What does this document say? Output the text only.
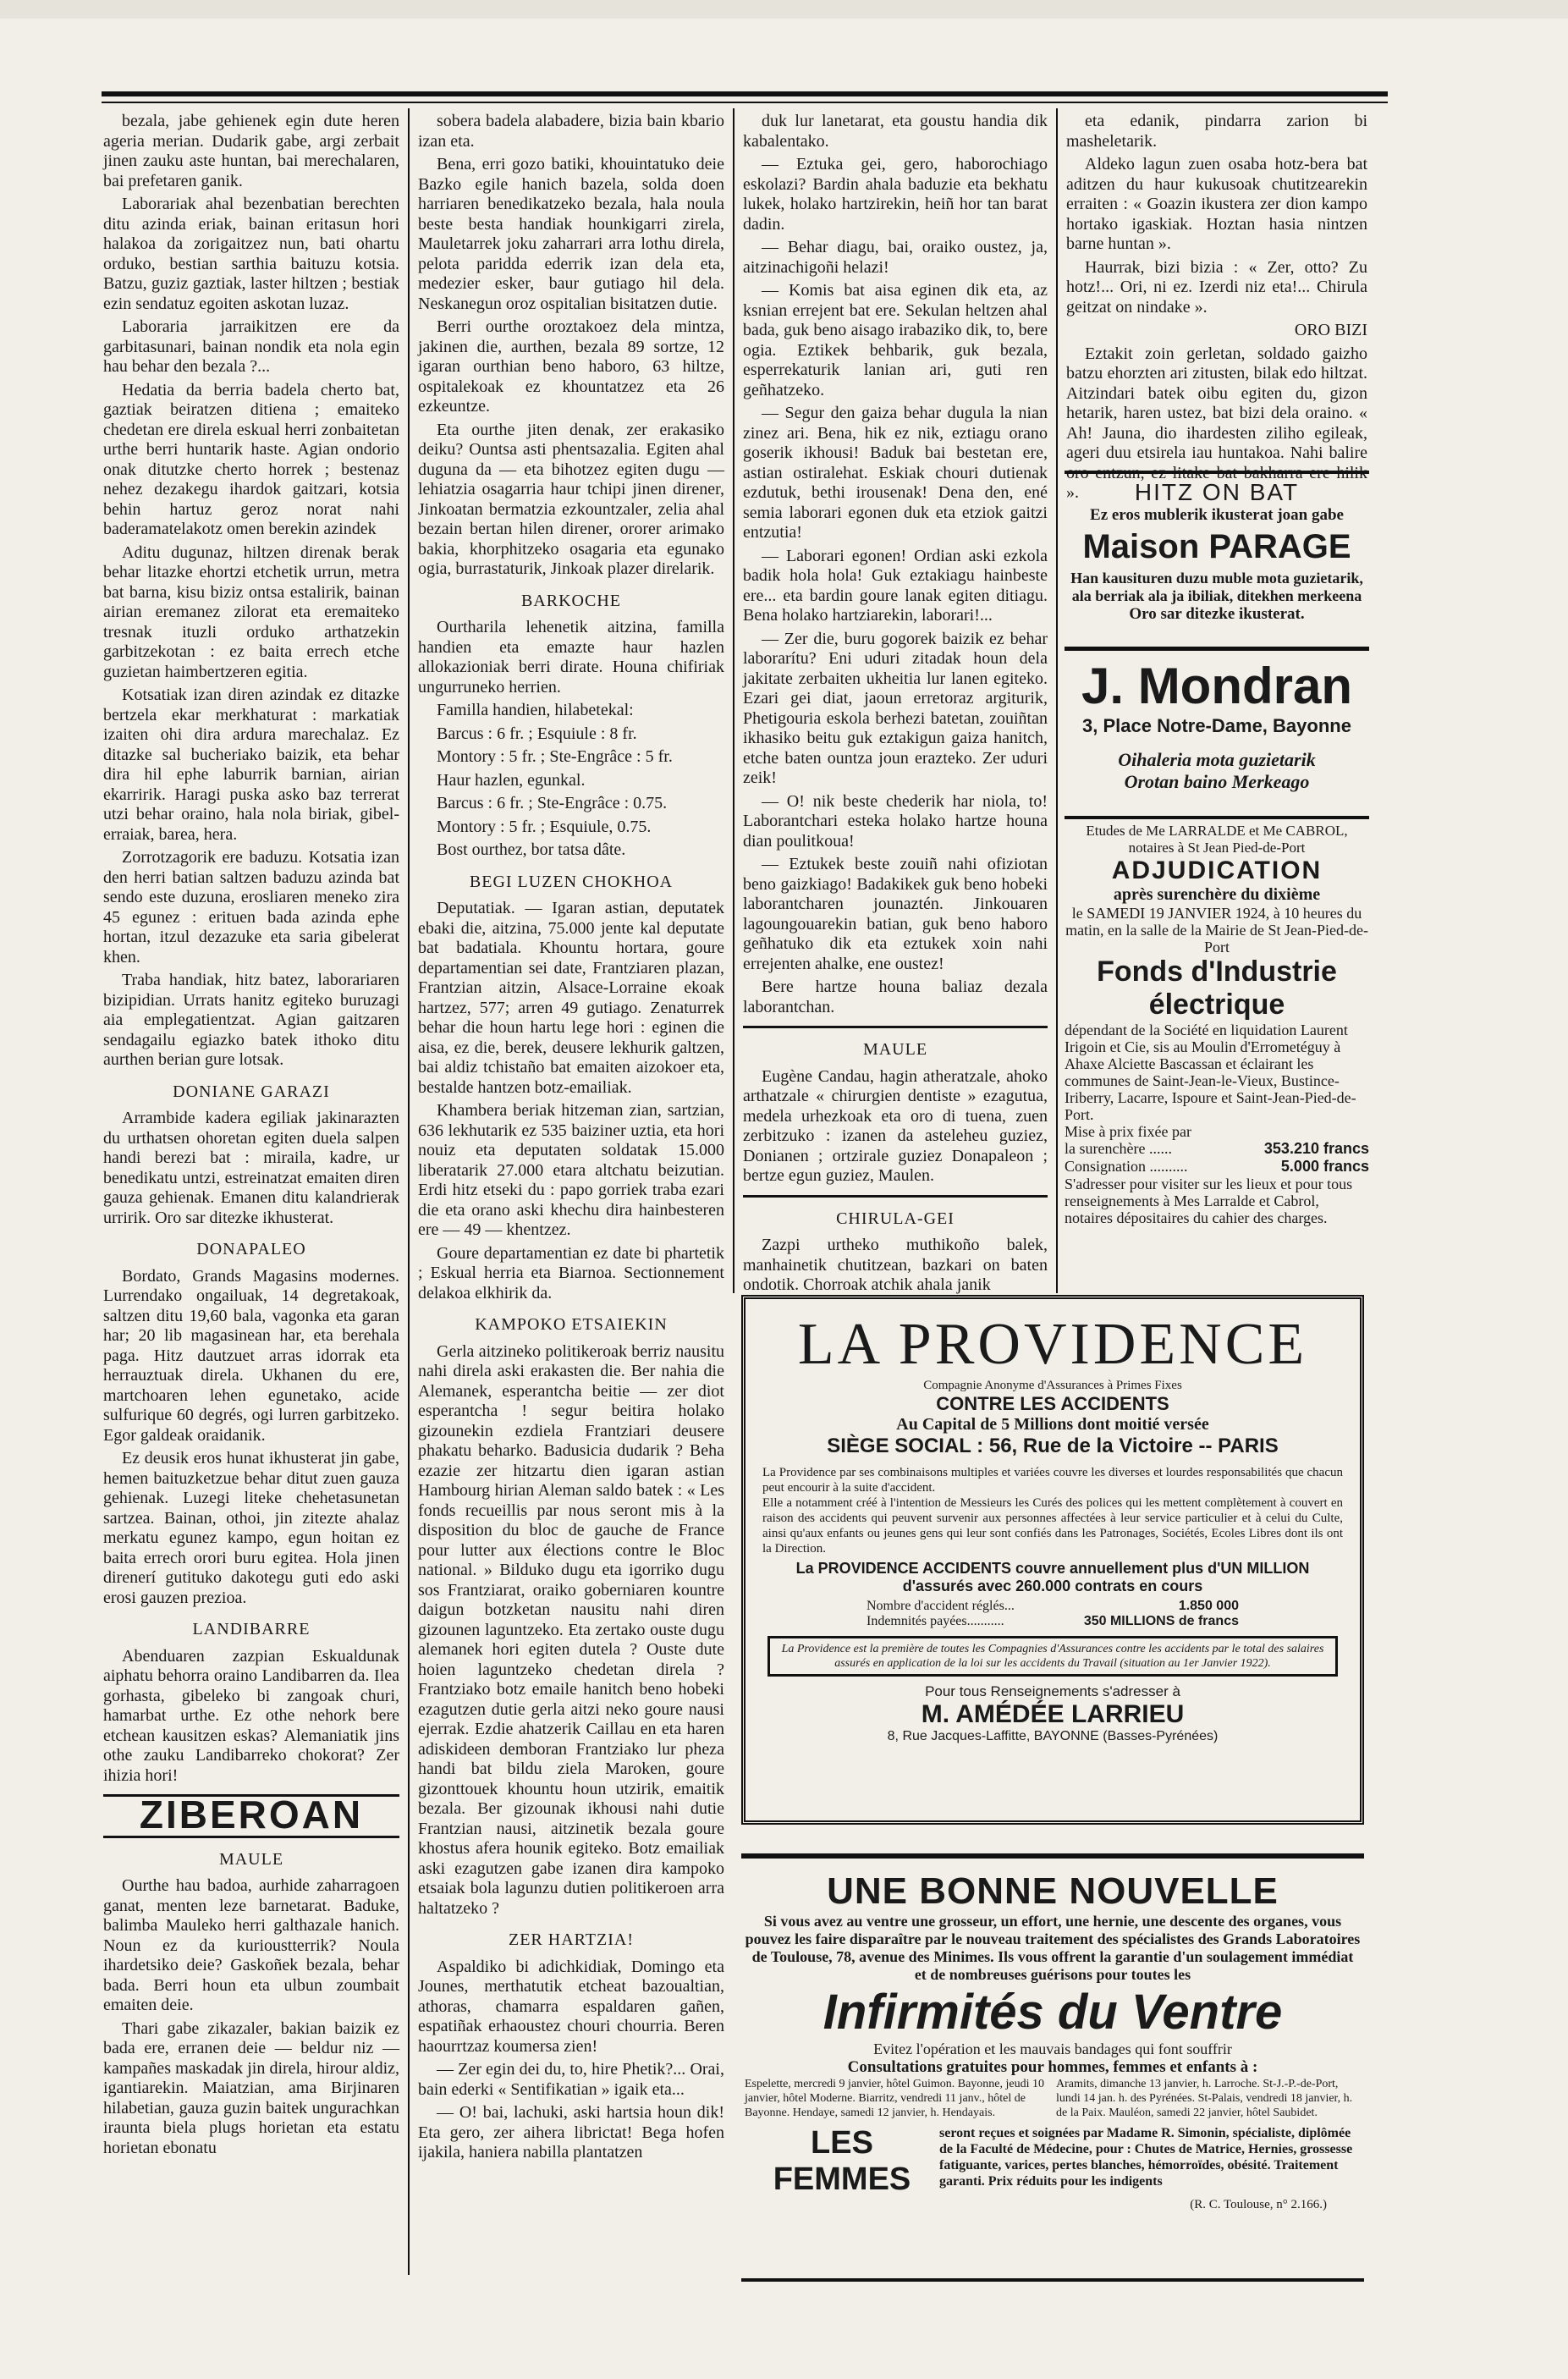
bezala, jabe gehienek egin dute heren ageria merian. Dudarik gabe, argi zerbait jinen zauku aste huntan, bai merechalaren, bai prefetaren ganik.

Laborariak ahal bezenbatian berechten ditu azinda eriak, bainan eritasun hori halakoa da zorigaitzez nun, bati ohartu orduko, bestian sarthia baituzu kotsia. Batzu, guziz gaztiak, laster hiltzen ; bestiak ezin sendatuz egoiten askotan luzaz.

Laboraria jarraikitzen ere da garbitasunari, bainan nondik eta nola egin hau behar den bezala ?...

Hedatia da berria badela cherto bat, gaztiak beiratzen ditiena ; emaiteko chedetan ere direla eskual herri zonbaitetan urthe berri huntarik haste. Agian ondorio onak ditutzke cherto horrek ; bestenaz nehez dezakegu ihardok gaitzari, kotsia behin hartuz geroz norat nahi baderamatelakotz omen berekin azindek

Aditu dugunaz, hiltzen direnak berak behar litazke ehortzi etchetik urrun, metra bat barna, kisu biziz ontsa estalirik, bainan airian eremanez zilorat eta eremaiteko tresnak ituzli orduko arthatzekin garbitzekotan : ez baita errech etche guzietan haimbertzeren egitia.

Kotsatiak izan diren azindak ez ditazke bertzela ekar merkhaturat : markatiak izaiten ohi dira ardura marechalaz. Ez ditazke sal bucheriako baizik, eta behar dira hil ephe laburrik barnian, airian ekarririk. Haragi puska asko baz terrerat utzi behar oraino, hala nola biriak, gibel-erraiak, barea, hera.

Zorrotzagorik ere baduzu. Kotsatia izan den herri batian saltzen baduzu azinda bat sendo este duzuna, erosliaren meneko zira 45 egunez : erituen bada azinda ephe hortan, itzul dezazuke eta saria gibelerat khen.

Traba handiak, hitz batez, laborariaren bizipidian. Urrats hanitz egiteko buruzagi aia emplegatientzat. Agian gaitzaren sendagailu egiazko batek ithoko ditu aurthen berian gure lotsak.

DONIANE GARAZI

Arrambide kadera egiliak jakinarazten du urthatsen ohoretan egiten duela salpen handi berezi bat : miraila, kadre, ur benedikatu untzi, estreinatzat emaiten diren gauza gehienak. Emanen ditu kalandrierak urririk. Oro sar ditezke ikhusterat.

DONAPALEO

Bordato, Grands Magasins modernes. Lurrendako ongailuak, 14 degretakoak, saltzen ditu 19,60 bala, vagonka eta garan har; 20 lib magasinean har, eta berehala paga. Hitz dautzuet arras idorrak eta herrauztuak direla. Ukhanen du ere, martchoaren lehen egunetako, acide sulfurique 60 degrés, ogi lurren garbitzeko. Egor galdeak oraidanik.

Ez deusik eros hunat ikhusterat jin gabe, hemen baituzketzue behar ditut zuen gauza gehienak. Luzegi liteke chehetasunetan sartzea. Bainan, othoi, jin zitezte ahalaz merkatu egunez kampo, egun hoitan ez baita errech orori buru egitea. Hola jinen direnerí gutituko dakotegu guti edo aski erosi gauzen prezioa.

LANDIBARRE

Abenduaren zazpian Eskualdunak aiphatu behorra oraino Landibarren da. Ilea gorhasta, gibeleko bi zangoak churi, hamarbat urthe. Ez othe nehork bere etchean kausitzen eskas? Alemaniatik jins othe zauku Landibarreko chokorat? Zer ihizia hori!

ZIBEROAN
MAULE

Ourthe hau badoa, aurhide zaharragoen ganat, menten leze barnetarat. Baduke, balimba Mauleko herri galthazale hanich. Noun ez da kurioustterrik? Noula ihardetsiko deie? Gaskoñek bezala, behar bada. Berri houn eta ulbun zoumbait emaiten deie.

Thari gabe zikazaler, bakian baizik ez bada ere, erranen deie — beldur niz — kampañes maskadak jin direla, hirour aldiz, igantiarekin. Maiatzian, ama Birjinaren hilabetian, gauza guzin baitek ungurachkan iraunta biela plugs horietan eta estatu horietan ebonatu

sobera badela alabadere, bizia bain kbario izan eta.

Bena, erri gozo batiki, khouintatuko deie Bazko egile hanich bazela, solda doen harriaren benedikatzeko bezala, hala noula beste besta handiak hounkigarri zirela, Mauletarrek joku zaharrari arra lothu direla, pelota paridda ederrik izan dela eta, medezier esker, baur gutiago hil dela. Neskanegun oroz ospitalian bisitatzen dutie.

Berri ourthe oroztakoez dela mintza, jakinen die, aurthen, bezala 89 sortze, 12 igaran ourthian beno haboro, 63 hiltze, ospitalekoak ez khountatzez eta 26 ezkeuntze.

Eta ourthe jiten denak, zer erakasiko deiku? Ountsa asti phentsazalia. Egiten ahal duguna da — eta bihotzez egiten dugu — lehiatzia osagarria haur tchipi jinen direner, Jinkoatan bermatzia ezkountzaler, zelia ahal bezain bertan hilen direner, ororer arimako bakia, khorphitzeko osagaria eta egunako ogia, burrastaturik, Jinkoak plazer direlarik.

BARKOCHE

Ourtharila lehenetik aitzina, familla handien eta emazte haur hazlen allokazioniak berri dirate. Houna chifiriak ungurruneko herrien.

Familla handien, hilabetekal:

Barcus : 6 fr. ; Esquiule : 8 fr.

Montory : 5 fr. ; Ste-Engrâce : 5 fr.

Haur hazlen, egunkal.

Barcus : 6 fr. ; Ste-Engrâce : 0.75.

Montory : 5 fr. ; Esquiule, 0.75.

Bost ourthez, bor tatsa dâte.

BEGI LUZEN CHOKHOA

Deputatiak. — Igaran astian, deputatek ebaki die, aitzina, 75.000 jente kal deputate bat badatiala. Khountu hortara, goure departamentian sei date, Frantziaren plazan, Frantzian aitzin, Alsace-Lorraine ekoak hartzez, 577; arren 49 gutiago. Zenaturrek behar die houn hartu lege hori : eginen die aisa, ez die, berek, deusere lekhurik galtzen, bai aldiz tchistaño bat emaiten aizokoer eta, bestalde hantzen botz-emailiak.

Khambera beriak hitzeman zian, sartzian, 636 lekhutarik ez 535 baiziner uztia, eta hori nouiz eta deputaten soldatak 15.000 liberatarik 27.000 etara altchatu beizutian. Erdi hitz etseki du : papo gorriek traba ezari die eta orano aski khechu dira hainbesteren ere — 49 — khentzez.

Goure departamentian ez date bi phartetik ; Eskual herria eta Biarnoa. Sectionnement delakoa elkhirik da.

KAMPOKO ETSAIEKIN

Gerla aitzineko politikeroak berriz nausitu nahi direla aski erakasten die. Ber nahia die Alemanek, esperantcha beitie — zer diot esperantcha ! segur beitira holako gizounekin ezdiela Frantziari deusere phakatu beharko. Badusicia dudarik ? Beha ezazie zer hitzartu dien igaran astian Hambourg hirian Aleman saldo batek : « Les fonds recueillis par nous seront mis à la disposition du bloc de gauche de France pour lutter aux élections contre le Bloc national. » Bilduko dugu eta igorriko dugu sos Frantziarat, oraiko goberniaren kountre daigun botzketan nausitu nahi diren gizounen laguntzeko. Eta zertako ouste dugu alemanek hori egiten dutela ? Ouste dute hoien laguntzeko chedetan direla ? Frantziako botz emaile hanitch beno hobeki ezagutzen dutie gerla aitzi neko goure nausi ejerrak. Ezdie ahatzerik Caillau en eta haren adiskideen demboran Frantziako lur pheza handi bat bildu ziela Maroken, goure gizonttouek khountu houn utzirik, emaitik bezala. Ber gizounak ikhousi nahi dutie Frantzian nausi, aitzinetik bezala goure khostus afera hounik egiteko. Botz emailiak aski ezagutzen gabe izanen dira kampoko etsaiak bola lagunzu dutien politikeroen arra haltatzeko ?

ZER HARTZIA!

Aspaldiko bi adichkidiak, Domingo eta Jounes, merthatutik etcheat bazoualtian, athoras, chamarra espaldaren gañen, espatiñak erhaoustez chouri chourria. Beren haourrtzaz koumersa zien!

— Zer egin dei du, to, hire Phetik?... Orai, bain ederki « Sentifikatian » igaik eta...

— O! bai, lachuki, aski hartsia houn dik! Eta gero, zer aihera librictat! Bega hofen ijakila, haniera nabilla plantatzen

duk lur lanetarat, eta goustu handia dik kabalentako.

— Eztuka gei, gero, haborochiago eskolazi? Bardin ahala baduzie eta bekhatu lukek, holako hartzirekin, heiñ hor tan barat dadin.

— Behar diagu, bai, oraiko oustez, ja, aitzinachigoñi helazi!

— Komis bat aisa eginen dik eta, az ksnian errejent bat ere. Sekulan heltzen ahal bada, guk beno aisago irabaziko dik, to, bere ogia. Eztikek behbarik, guk bezala, esperrekaturik lanian ari, guti ren geñhatzeko.

— Segur den gaiza behar dugula la nian zinez ari. Bena, hik ez nik, eztiagu orano goserik ikhousi! Baduk bai bestetan ere, astian ostiralehat. Eskiak chouri dutienak ezdutuk, bethi irousenak! Dena den, ené semia laborari egonen duk eta etziok gaitzi entzutia!

— Laborari egonen! Ordian aski ezkola badik hola hola! Guk eztakiagu hainbeste ere... eta bardin goure lanak egiten ditiagu. Bena holako hartziarekin, laborari!...

— Zer die, buru gogorek baizik ez behar laborarítu? Eni uduri zitadak houn dela jakitate zerbaiten ukheitia lur lanen egiteko. Ezari gei diat, jaoun erretoraz argiturik, Phetigouria eskola berhezi batetan, zouiñtan ikhasiko beitu guk eztakigun gaiza hanitch, etche baten ountza joun erazteko. Zer uduri zeik!

— O! nik beste chederik har niola, to! Laborantchari esteka holako hartze houna dian poulitkoua!

— Eztukek beste zouiñ nahi ofiziotan beno gaizkiago! Badakikek guk beno hobeki laborantcharen jounaztén. Jinkouaren lagoungouarekin batian, guk beno haboro geñhatuko dik eta eztukek xoin nahi errejenten ahalke, ene oustez!

Bere hartze houna baliaz dezala laborantchan.

MAULE

Eugène Candau, hagin atheratzale, ahoko arthatzale « chirurgien dentiste » ezagutua, medela urhezkoak eta oro di tuena, zuen zerbitzuko : izanen da asteleheu guziez, Donianen ; ortzirale guziez Donapaleon ; bertze egun guziez, Maulen.

CHIRULA-GEI

Zazpi urtheko muthikoño balek, manhainetik chutitzean, bazkari on baten ondotik. Chorroak atchik ahala janik

eta edanik, pindarra zarion bi masheletarik.

Aldeko lagun zuen osaba hotz-bera bat aditzen du haur kukusoak chutitzearekin erraiten : « Goazin ikustera zer dion kampo hortako igaskiak. Hoztan hasia nintzen barne huntan ».

Haurrak, bizi bizia : « Zer, otto? Zu hotz!... Ori, ni ez. Izerdi niz eta!... Chirula geitzat on nindake ».

ORO BIZI

Eztakit zoin gerletan, soldado gaizho batzu ehorzten ari zitusten, bilak edo hiltzat. Aitzindari batek oibu egiten du, gizon hetarik, haren ustez, bat bizi dela oraino. « Ah! Jauna, dio ihardesten ziliho egileak, ageri duu etsirela iau huntakoa. Nahi balire ».	HITZ ON BAT
Ez eros mublerik ikusterat joan gabe
Maison PARAGE
Han kausituren duzu muble mota guzietarik, ala berriak ala ja ibiliak, ditekhen merkeena
Oro sar ditezke ikusterat.
J. Mondran
3, Place Notre-Dame, Bayonne
Oihaleria mota guzietarik
Orotan baino Merkeago
Etudes de Me LARRALDE et Me CABROL, notaires à St Jean Pied-de-Port
ADJUDICATION
après surenchère du dixième
le SAMEDI 19 JANVIER 1924, à 10 heures du matin, en la salle de la Mairie de St Jean-Pied-de-Port
Fonds d'Industrie électrique
dépendant de la Société en liquidation Laurent Irigoin et Cie, sis au Moulin d'Errometéguy à Ahaxe Alciette Bascassan et éclairant les communes de Saint-Jean-le-Vieux, Bustince-Iriberry, Lacarre, Ispoure et Saint-Jean-Pied-de-Port.
Mise à prix fixée par
la surenchère ......	353.210 francs
Consignation ..........	5.000 francs
S'adresser pour visiter sur les lieux et pour tous renseignements à Mes Larralde et Cabrol, notaires dépositaires du cahier des charges.
LA PROVIDENCE
Compagnie Anonyme d'Assurances à Primes Fixes
CONTRE LES ACCIDENTS
Au Capital de 5 Millions dont moitié versée
SIÈGE SOCIAL : 56, Rue de la Victoire -- PARIS
La Providence par ses combinaisons multiples et variées couvre les diverses et lourdes responsabilités que chacun peut encourir à la suite d'accident.
Elle a notamment créé à l'intention de Messieurs les Curés des polices qui les mettent complètement à couvert en raison des accidents qui peuvent survenir aux personnes affectées à leur service particulier et à celui du Culte, ainsi qu'aux enfants ou jeunes gens qui leur sont confiés dans les Patronages, Sociétés, Ecoles Libres dont ils ont la Direction.
La PROVIDENCE ACCIDENTS couvre annuellement plus d'UN MILLION d'assurés avec 260.000 contrats en cours
Nombre d'accident réglés...	1.850 000
Indemnités payées...........	350 MILLIONS de francs
La Providence est la première de toutes les Compagnies d'Assurances contre les accidents par le total des salaires assurés en application de la loi sur les accidents du Travail (situation au 1er Janvier 1922).
Pour tous Renseignements s'adresser à
M. AMÉDÉE LARRIEU
8, Rue Jacques-Laffitte, BAYONNE (Basses-Pyrénées)
UNE BONNE NOUVELLE
Si vous avez au ventre une grosseur, un effort, une hernie, une descente des organes, vous pouvez les faire disparaître par le nouveau traitement des spécialistes des Grands Laboratoires de Toulouse, 78, avenue des Minimes. Ils vous offrent la garantie d'un soulagement immédiat et de nombreuses guérisons pour toutes les
Infirmités du Ventre
Evitez l'opération et les mauvais bandages qui font souffrir
Consultations gratuites pour hommes, femmes et enfants à :
Espelette, mercredi 9 janvier, hôtel Guimon. Bayonne, jeudi 10 janvier, hôtel Moderne. Biarritz, vendredi 11 janv., hôtel de Bayonne. Hendaye, samedi 12 janvier, h. Hendayais.
Aramits, dimanche 13 janvier, h. Larroche. St-J.-P.-de-Port, lundi 14 jan. h. des Pyrénées. St-Palais, vendredi 18 janvier, h. de la Paix. Mauléon, samedi 22 janvier, hôtel Saubidet.
LES FEMMES
seront reçues et soignées par Madame R. Simonin, spécialiste, diplômée de la Faculté de Médecine, pour : Chutes de Matrice, Hernies, grossesse fatiguante, varices, pertes blanches, hémorroïdes, obésité. Traitement garanti. Prix réduits pour les indigents
(R. C. Toulouse, n° 2.166.)
